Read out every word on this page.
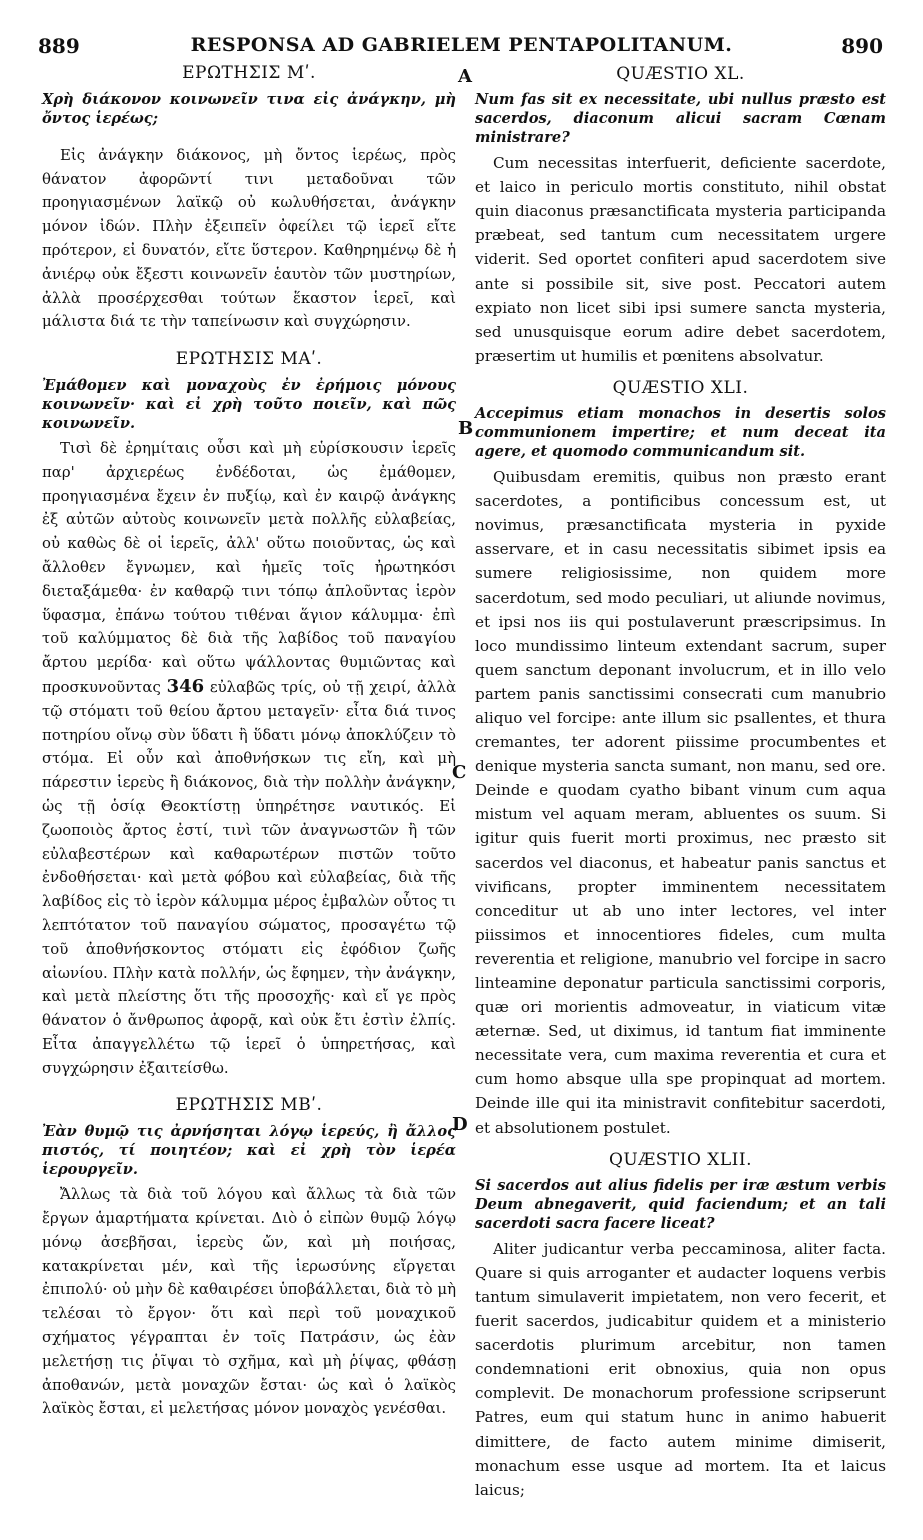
889	RESPONSA AD GABRIELEM PENTAPOLITANUM.	890
A
B
C
D
ΕΡΩΤΗΣΙΣ Μʹ.
Χρὴ διάκονον κοινωνεῖν τινα εἰς ἀνάγκην, μὴ ὄντος ἱερέως;

Εἰς ἀνάγκην διάκονος, μὴ ὄντος ἱερέως, πρὸς θάνατον ἀφορῶντί τινι μεταδοῦναι τῶν προηγιασμένων λαϊκῷ οὐ κωλυθήσεται, ἀνάγκην μόνον ἰδών. Πλὴν ἐξειπεῖν ὀφείλει τῷ ἱερεῖ εἴτε πρότερον, εἰ δυνατόν, εἴτε ὕστερον. Καθηρημένῳ δὲ ἡ ἀνιέρῳ οὐκ ἔξεστι κοινωνεῖν ἑαυτὸν τῶν μυστηρίων, ἀλλὰ προσέρχεσθαι τούτων ἕκαστον ἱερεῖ, καὶ μάλιστα διά τε τὴν ταπείνωσιν καὶ συγχώρησιν.

ΕΡΩΤΗΣΙΣ ΜΑʹ.
Ἐμάθομεν καὶ μοναχοὺς ἐν ἐρήμοις μόνους κοινωνεῖν· καὶ εἰ χρὴ τοῦτο ποιεῖν, καὶ πῶς κοινωνεῖν.

Τισὶ δὲ ἐρημίταις οὖσι καὶ μὴ εὑρίσκουσιν ἱερεῖς παρ' ἀρχιερέως ἐνδέδοται, ὡς ἐμάθομεν, προηγιασμένα ἔχειν ἐν πυξίῳ, καὶ ἐν καιρῷ ἀνάγκης ἐξ αὐτῶν αὐτοὺς κοινωνεῖν μετὰ πολλῆς εὐλαβείας, οὐ καθὼς δὲ οἱ ἱερεῖς, ἀλλ' οὕτω ποιοῦντας, ὡς καὶ ἄλλοθεν ἔγνωμεν, καὶ ἡμεῖς τοῖς ἠρωτηκόσι διεταξάμεθα· ἐν καθαρῷ τινι τόπῳ ἁπλοῦντας ἱερὸν ὕφασμα, ἐπάνω τούτου τιθέναι ἅγιον κάλυμμα· ἐπὶ τοῦ καλύμματος δὲ διὰ τῆς λαβίδος τοῦ παναγίου ἄρτου μερίδα· καὶ οὕτω ψάλλοντας θυμιῶντας καὶ προσκυνοῦντας 346 εὐλαβῶς τρίς, οὐ τῇ χειρί, ἀλλὰ τῷ στόματι τοῦ θείου ἄρτου μεταγεῖν· εἶτα διά τινος ποτηρίου οἴνῳ σὺν ὕδατι ἢ ὕδατι μόνῳ ἀποκλύζειν τὸ στόμα. Εἰ οὖν καὶ ἀποθνήσκων τις εἴη, καὶ μὴ πάρεστιν ἱερεὺς ἢ διάκονος, διὰ τὴν πολλὴν ἀνάγκην, ὡς τῇ ὁσίᾳ Θεοκτίστῃ ὑπηρέτησε ναυτικός. Εἰ ζωοποιὸς ἄρτος ἐστί, τινὶ τῶν ἀναγνωστῶν ἢ τῶν εὐλαβεστέρων καὶ καθαρωτέρων πιστῶν τοῦτο ἐνδοθήσεται· καὶ μετὰ φόβου καὶ εὐλαβείας, διὰ τῆς λαβίδος εἰς τὸ ἱερὸν κάλυμμα μέρος ἐμβαλὼν οὗτος τι λεπτότατον τοῦ παναγίου σώματος, προσαγέτω τῷ τοῦ ἀποθνήσκοντος στόματι εἰς ἐφόδιον ζωῆς αἰωνίου. Πλὴν κατὰ πολλήν, ὡς ἔφημεν, τὴν ἀνάγκην, καὶ μετὰ πλείστης ὅτι τῆς προσοχῆς· καὶ εἴ γε πρὸς θάνατον ὁ ἄνθρωπος ἀφορᾷ, καὶ οὐκ ἔτι ἐστὶν ἐλπίς. Εἶτα ἀπαγγελλέτω τῷ ἱερεῖ ὁ ὑπηρετήσας, καὶ συγχώρησιν ἐξαιτείσθω.

ΕΡΩΤΗΣΙΣ ΜΒʹ.
Ἐὰν θυμῷ τις ἀρνήσηται λόγῳ ἱερεύς, ἢ ἄλλος πιστός, τί ποιητέον; καὶ εἰ χρὴ τὸν ἱερέα ἱερουργεῖν.

Ἄλλως τὰ διὰ τοῦ λόγου καὶ ἄλλως τὰ διὰ τῶν ἔργων ἁμαρτήματα κρίνεται. Διὸ ὁ εἰπὼν θυμῷ λόγῳ μόνῳ ἀσεβῆσαι, ἱερεὺς ὤν, καὶ μὴ ποιήσας, κατακρίνεται μέν, καὶ τῆς ἱερωσύνης εἴργεται ἐπιπολύ· οὐ μὴν δὲ καθαιρέσει ὑποβάλλεται, διὰ τὸ μὴ τελέσαι τὸ ἔργον· ὅτι καὶ περὶ τοῦ μοναχικοῦ σχήματος γέγραπται ἐν τοῖς Πατράσιν, ὡς ἐὰν μελετήσῃ τις ῥῖψαι τὸ σχῆμα, καὶ μὴ ῥίψας, φθάσῃ ἀποθανών, μετὰ μοναχῶν ἔσται· ὡς καὶ ὁ λαϊκὸς λαϊκὸς ἔσται, εἰ μελετήσας μόνον μοναχὸς γενέσθαι.

QUÆSTIO XL.
Num fas sit ex necessitate, ubi nullus præsto est sacerdos, diaconum alicui sacram Cœnam ministrare?

Cum necessitas interfuerit, deficiente sacerdote, et laico in periculo mortis constituto, nihil obstat quin diaconus præsanctificata mysteria participanda præbeat, sed tantum cum necessitatem urgere viderit. Sed oportet confiteri apud sacerdotem sive ante si possibile sit, sive post. Peccatori autem expiato non licet sibi ipsi sumere sancta mysteria, sed unusquisque eorum adire debet sacerdotem, præsertim ut humilis et pœnitens absolvatur.

QUÆSTIO XLI.
Accepimus etiam monachos in desertis solos communionem impertire; et num deceat ita agere, et quomodo communicandum sit.

Quibusdam eremitis, quibus non præsto erant sacerdotes, a pontificibus concessum est, ut novimus, præsanctificata mysteria in pyxide asservare, et in casu necessitatis sibimet ipsis ea sumere religiosissime, non quidem more sacerdotum, sed modo peculiari, ut aliunde novimus, et ipsi nos iis qui postulaverunt præscripsimus. In loco mundissimo linteum extendant sacrum, super quem sanctum deponant involucrum, et in illo velo partem panis sanctissimi consecrati cum manubrio aliquo vel forcipe: ante illum sic psallentes, et thura cremantes, ter adorent piissime procumbentes et denique mysteria sancta sumant, non manu, sed ore. Deinde e quodam cyatho bibant vinum cum aqua mistum vel aquam meram, abluentes os suum. Si igitur quis fuerit morti proximus, nec præsto sit sacerdos vel diaconus, et habeatur panis sanctus et vivificans, propter imminentem necessitatem conceditur ut ab uno inter lectores, vel inter piissimos et innocentiores fideles, cum multa reverentia et religione, manubrio vel forcipe in sacro linteamine deponatur particula sanctissimi corporis, quæ ori morientis admoveatur, in viaticum vitæ æternæ. Sed, ut diximus, id tantum fiat imminente necessitate vera, cum maxima reverentia et cura et cum homo absque ulla spe propinquat ad mortem. Deinde ille qui ita ministravit confitebitur sacerdoti, et absolutionem postulet.

QUÆSTIO XLII.
Si sacerdos aut alius fidelis per iræ æstum verbis Deum abnegaverit, quid faciendum; et an tali sacerdoti sacra facere liceat?

Aliter judicantur verba peccaminosa, aliter facta. Quare si quis arroganter et audacter loquens verbis tantum simulaverit impietatem, non vero fecerit, et fuerit sacerdos, judicabitur quidem et a ministerio sacerdotis plurimum arcebitur, non tamen condemnationi erit obnoxius, quia non opus complevit. De monachorum professione scripserunt Patres, eum qui statum hunc in animo habuerit dimittere, de facto autem minime dimiserit, monachum esse usque ad mortem. Ita et laicus laicus;
